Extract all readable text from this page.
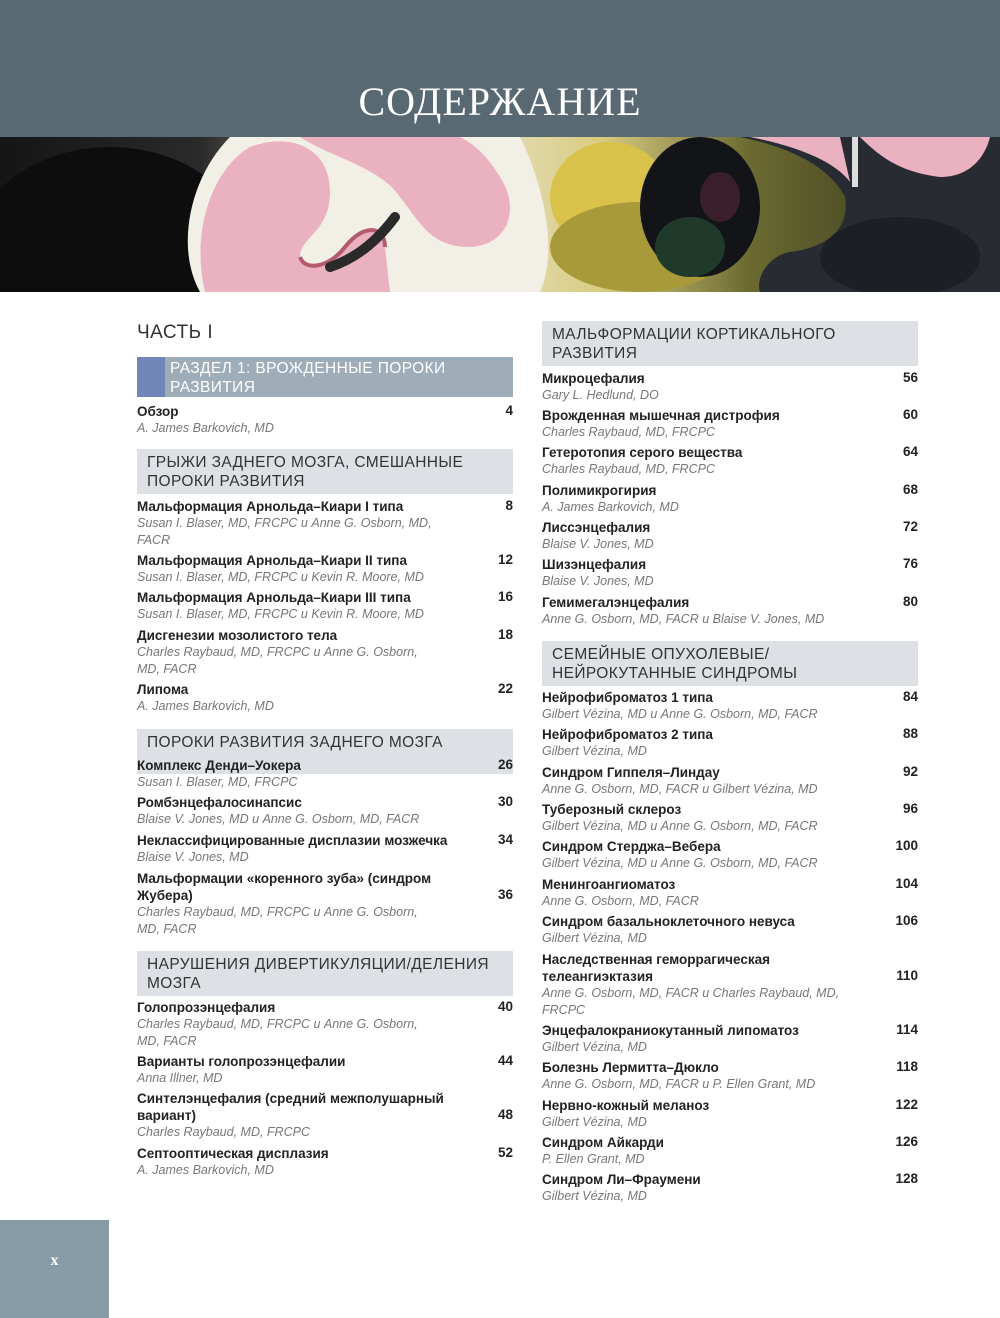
СОДЕРЖАНИЕ
ЧАСТЬ I
РАЗДЕЛ 1: ВРОЖДЕННЫЕ ПОРОКИ РАЗВИТИЯ
Обзор
A. James Barkovich, MD
4
ГРЫЖИ ЗАДНЕГО МОЗГА, СМЕШАННЫЕ ПОРОКИ РАЗВИТИЯ
Мальформация Арнольда–Киари I типа
Susan I. Blaser, MD, FRCPC и Anne G. Osborn, MD, FACR
8
Мальформация Арнольда–Киари II типа
Susan I. Blaser, MD, FRCPC и Kevin R. Moore, MD
12
Мальформация Арнольда–Киари III типа
Susan I. Blaser, MD, FRCPC и Kevin R. Moore, MD
16
Дисгенезии мозолистого тела
Charles Raybaud, MD, FRCPC и Anne G. Osborn, MD, FACR
18
Липома
A. James Barkovich, MD
22
ПОРОКИ РАЗВИТИЯ ЗАДНЕГО МОЗГА
Комплекс Денди–Уокера
Susan I. Blaser, MD, FRCPC
26
Ромбэнцефалосинапсис
Blaise V. Jones, MD и Anne G. Osborn, MD, FACR
30
Неклассифицированные дисплазии мозжечка
Blaise V. Jones, MD
34
Мальформации «коренного зуба» (синдром Жубера)
Charles Raybaud, MD, FRCPC и Anne G. Osborn, MD, FACR
36
НАРУШЕНИЯ ДИВЕРТИКУЛЯЦИИ/ДЕЛЕНИЯ МОЗГА
Голопрозэнцефалия
Charles Raybaud, MD, FRCPC и Anne G. Osborn, MD, FACR
40
Варианты голопрозэнцефалии
Anna Illner, MD
44
Синтелэнцефалия (средний межполушарный вариант)
Charles Raybaud, MD, FRCPC
48
Септооптическая дисплазия
A. James Barkovich, MD
52
МАЛЬФОРМАЦИИ КОРТИКАЛЬНОГО РАЗВИТИЯ
Микроцефалия
Gary L. Hedlund, DO
56
Врожденная мышечная дистрофия
Charles Raybaud, MD, FRCPC
60
Гетеротопия серого вещества
Charles Raybaud, MD, FRCPC
64
Полимикрогирия
A. James Barkovich, MD
68
Лиссэнцефалия
Blaise V. Jones, MD
72
Шизэнцефалия
Blaise V. Jones, MD
76
Гемимегалэнцефалия
Anne G. Osborn, MD, FACR и Blaise V. Jones, MD
80
СЕМЕЙНЫЕ ОПУХОЛЕВЫЕ/НЕЙРОКУТАННЫЕ СИНДРОМЫ
Нейрофиброматоз 1 типа
Gilbert Vézina, MD и Anne G. Osborn, MD, FACR
84
Нейрофиброматоз 2 типа
Gilbert Vézina, MD
88
Синдром Гиппеля–Линдау
Anne G. Osborn, MD, FACR и Gilbert Vézina, MD
92
Туберозный склероз
Gilbert Vézina, MD и Anne G. Osborn, MD, FACR
96
Синдром Стерджа–Вебера
Gilbert Vézina, MD и Anne G. Osborn, MD, FACR
100
Менингоангиоматоз
Anne G. Osborn, MD, FACR
104
Синдром базальноклеточного невуса
Gilbert Vézina, MD
106
Наследственная геморрагическая телеангиэктазия
Anne G. Osborn, MD, FACR и Charles Raybaud, MD, FRCPC
110
Энцефалокраниокутанный липоматоз
Gilbert Vézina, MD
114
Болезнь Лермитта–Дюкло
Anne G. Osborn, MD, FACR и P. Ellen Grant, MD
118
Нервно-кожный меланоз
Gilbert Vézina, MD
122
Синдром Айкарди
P. Ellen Grant, MD
126
Синдром Ли–Фраумени
Gilbert Vézina, MD
128
x
